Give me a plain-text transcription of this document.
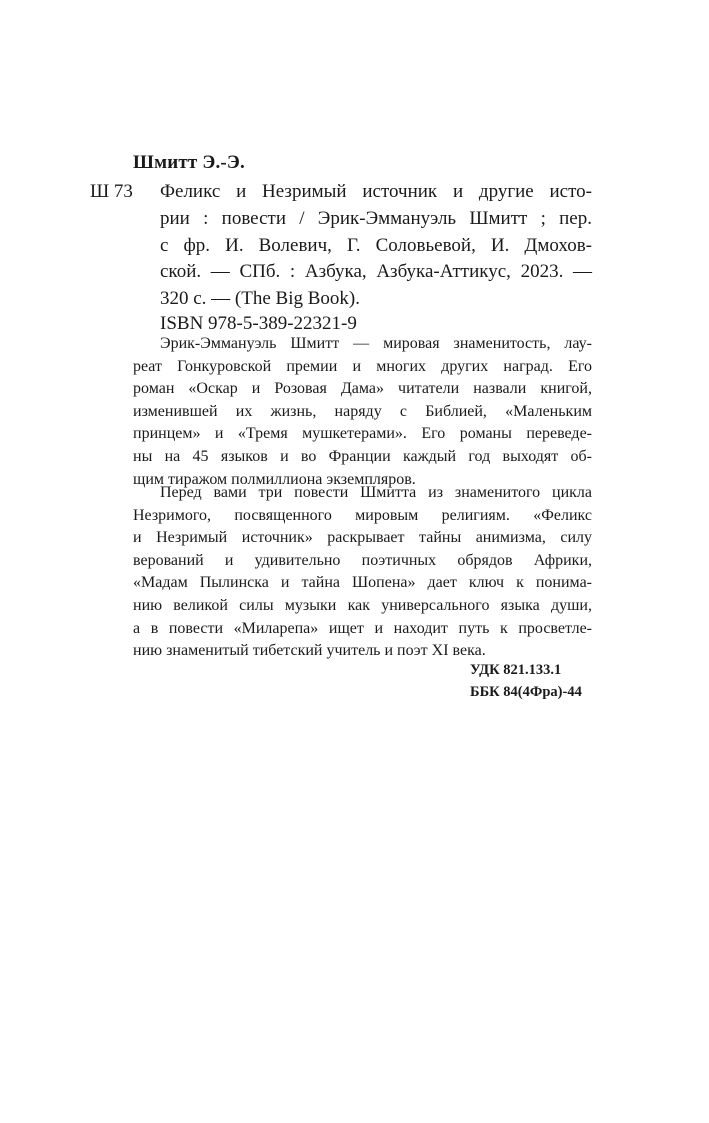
Шмитт Э.-Э.
Ш 73 Феликс и Незримый источник и другие исто-
рии : повести / Эрик-Эммануэль Шмитт ; пер.
с фр. И. Волевич, Г. Соловьевой, И. Дмохов-
ской. — СПб. : Азбука, Азбука-Аттикус, 2023. —
320 с. — (The Big Book).
ISBN 978-5-389-22321-9
Эрик-Эммануэль Шмитт — мировая знаменитость, лау-
реат Гонкуровской премии и многих других наград. Его
роман «Оскар и Розовая Дама» читатели назвали книгой,
изменившей их жизнь, наряду с Библией, «Маленьким
принцем» и «Тремя мушкетерами». Его романы переведе-
ны на 45 языков и во Франции каждый год выходят об-
щим тиражом полмиллиона экземпляров.
Перед вами три повести Шмитта из знаменитого цикла
Незримого, посвященного мировым религиям. «Феликс
и Незримый источник» раскрывает тайны анимизма, силу
верований и удивительно поэтичных обрядов Африки,
«Мадам Пылинска и тайна Шопена» дает ключ к понима-
нию великой силы музыки как универсального языка души,
а в повести «Миларепа» ищет и находит путь к просветле-
нию знаменитый тибетский учитель и поэт XI века.
УДК 821.133.1
ББК 84(4Фра)-44
